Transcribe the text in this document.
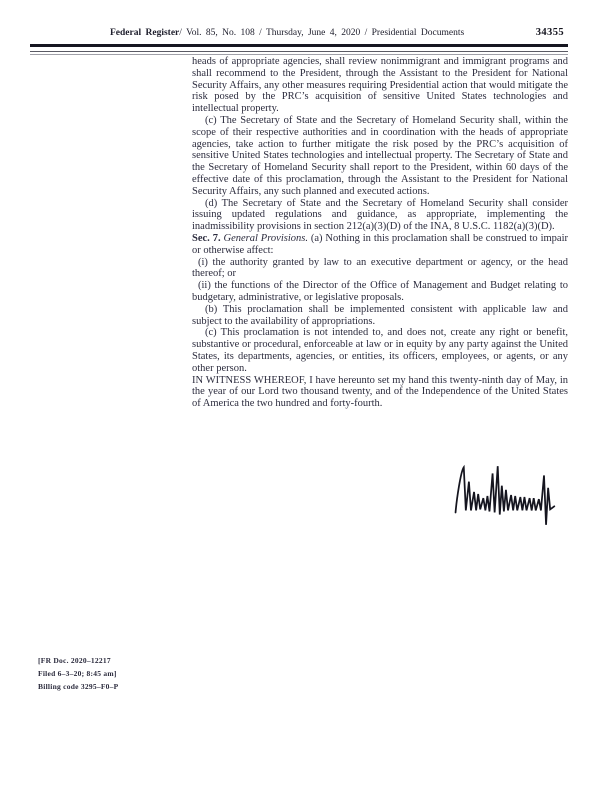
Federal Register/ Vol. 85, No. 108 / Thursday, June 4, 2020 / Presidential Documents	34355

heads of appropriate agencies, shall review nonimmigrant and immigrant programs and shall recommend to the President, through the Assistant to the President for National Security Affairs, any other measures requiring Presidential action that would mitigate the risk posed by the PRC’s acquisition of sensitive United States technologies and intellectual property.

(c) The Secretary of State and the Secretary of Homeland Security shall, within the scope of their respective authorities and in coordination with the heads of appropriate agencies, take action to further mitigate the risk posed by the PRC’s acquisition of sensitive United States technologies and intellectual property. The Secretary of State and the Secretary of Homeland Security shall report to the President, within 60 days of the effective date of this proclamation, through the Assistant to the President for National Security Affairs, any such planned and executed actions.

(d) The Secretary of State and the Secretary of Homeland Security shall consider issuing updated regulations and guidance, as appropriate, implementing the inadmissibility provisions in section 212(a)(3)(D) of the INA, 8 U.S.C. 1182(a)(3)(D).

Sec. 7. General Provisions. (a) Nothing in this proclamation shall be construed to impair or otherwise affect:

(i) the authority granted by law to an executive department or agency, or the head thereof; or

(ii) the functions of the Director of the Office of Management and Budget relating to budgetary, administrative, or legislative proposals.

(b) This proclamation shall be implemented consistent with applicable law and subject to the availability of appropriations.

(c) This proclamation is not intended to, and does not, create any right or benefit, substantive or procedural, enforceable at law or in equity by any party against the United States, its departments, agencies, or entities, its officers, employees, or agents, or any other person.

IN WITNESS WHEREOF, I have hereunto set my hand this twenty-ninth day of May, in the year of our Lord two thousand twenty, and of the Independence of the United States of America the two hundred and forty-fourth.

[FR Doc. 2020–12217
Filed 6–3–20; 8:45 am]
Billing code 3295–F0–P
